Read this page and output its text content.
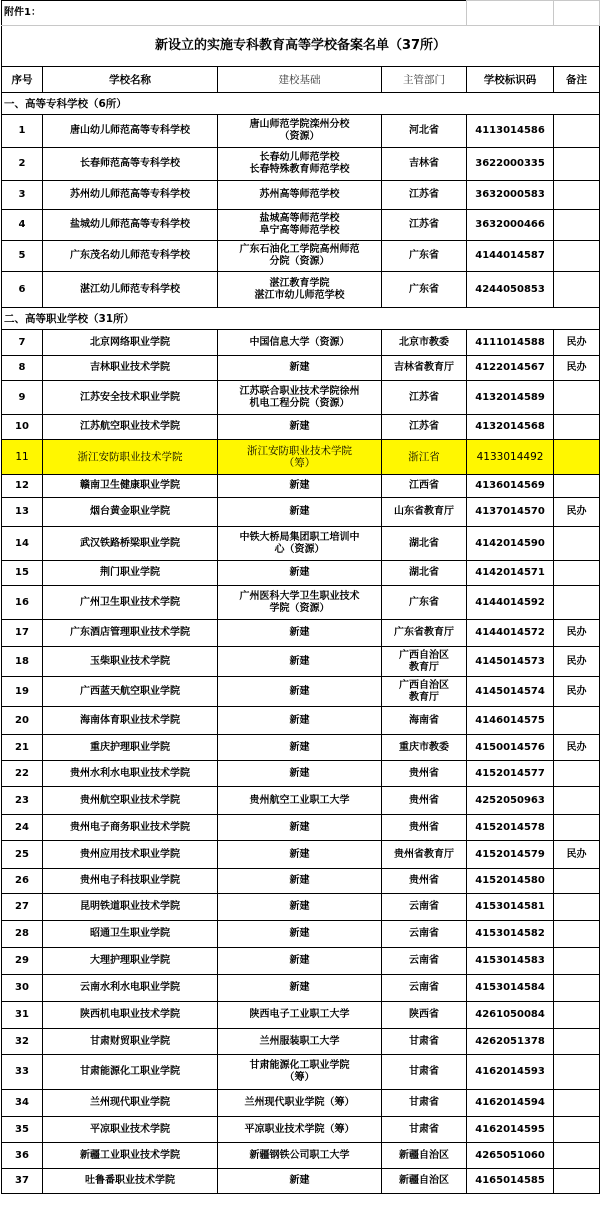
附件1：					
新设立的实施专科教育高等学校备案名单（37所）					
序号	学校名称	建校基础	主管部门	学校标识码	备注
一、高等专科学校（6所）					
1	唐山幼儿师范高等专科学校	唐山师范学院滦州分校
（资源）	河北省	4113014586	
2	长春师范高等专科学校	长春幼儿师范学校
长春特殊教育师范学校	吉林省	3622000335	
3	苏州幼儿师范高等专科学校	苏州高等师范学校	江苏省	3632000583	
4	盐城幼儿师范高等专科学校	盐城高等师范学校
阜宁高等师范学校	江苏省	3632000466	
5	广东茂名幼儿师范专科学校	广东石油化工学院高州师范
分院（资源）	广东省	4144014587	
6	湛江幼儿师范专科学校	湛江教育学院
湛江市幼儿师范学校	广东省	4244050853	
二、高等职业学校（31所）					
7	北京网络职业学院	中国信息大学（资源）	北京市教委	4111014588	民办
8	吉林职业技术学院	新建	吉林省教育厅	4122014567	民办
9	江苏安全技术职业学院	江苏联合职业技术学院徐州
机电工程分院（资源）	江苏省	4132014589	
10	江苏航空职业技术学院	新建	江苏省	4132014568	
11	浙江安防职业技术学院	浙江安防职业技术学院
（筹）	浙江省	4133014492	
12	赣南卫生健康职业学院	新建	江西省	4136014569	
13	烟台黄金职业学院	新建	山东省教育厅	4137014570	民办
14	武汉铁路桥梁职业学院	中铁大桥局集团职工培训中
心（资源）	湖北省	4142014590	
15	荆门职业学院	新建	湖北省	4142014571	
16	广州卫生职业技术学院	广州医科大学卫生职业技术
学院（资源）	广东省	4144014592	
17	广东酒店管理职业技术学院	新建	广东省教育厅	4144014572	民办
18	玉柴职业技术学院	新建	广西自治区
教育厅	4145014573	民办
19	广西蓝天航空职业学院	新建	广西自治区
教育厅	4145014574	民办
20	海南体育职业技术学院	新建	海南省	4146014575	
21	重庆护理职业学院	新建	重庆市教委	4150014576	民办
22	贵州水利水电职业技术学院	新建	贵州省	4152014577	
23	贵州航空职业技术学院	贵州航空工业职工大学	贵州省	4252050963	
24	贵州电子商务职业技术学院	新建	贵州省	4152014578	
25	贵州应用技术职业学院	新建	贵州省教育厅	4152014579	民办
26	贵州电子科技职业学院	新建	贵州省	4152014580	
27	昆明铁道职业技术学院	新建	云南省	4153014581	
28	昭通卫生职业学院	新建	云南省	4153014582	
29	大理护理职业学院	新建	云南省	4153014583	
30	云南水利水电职业学院	新建	云南省	4153014584	
31	陕西机电职业技术学院	陕西电子工业职工大学	陕西省	4261050084	
32	甘肃财贸职业学院	兰州服装职工大学	甘肃省	4262051378	
33	甘肃能源化工职业学院	甘肃能源化工职业学院
（筹）	甘肃省	4162014593	
34	兰州现代职业学院	兰州现代职业学院（筹）	甘肃省	4162014594	
35	平凉职业技术学院	平凉职业技术学院（筹）	甘肃省	4162014595	
36	新疆工业职业技术学院	新疆钢铁公司职工大学	新疆自治区	4265051060	
37	吐鲁番职业技术学院	新建	新疆自治区	4165014585	
